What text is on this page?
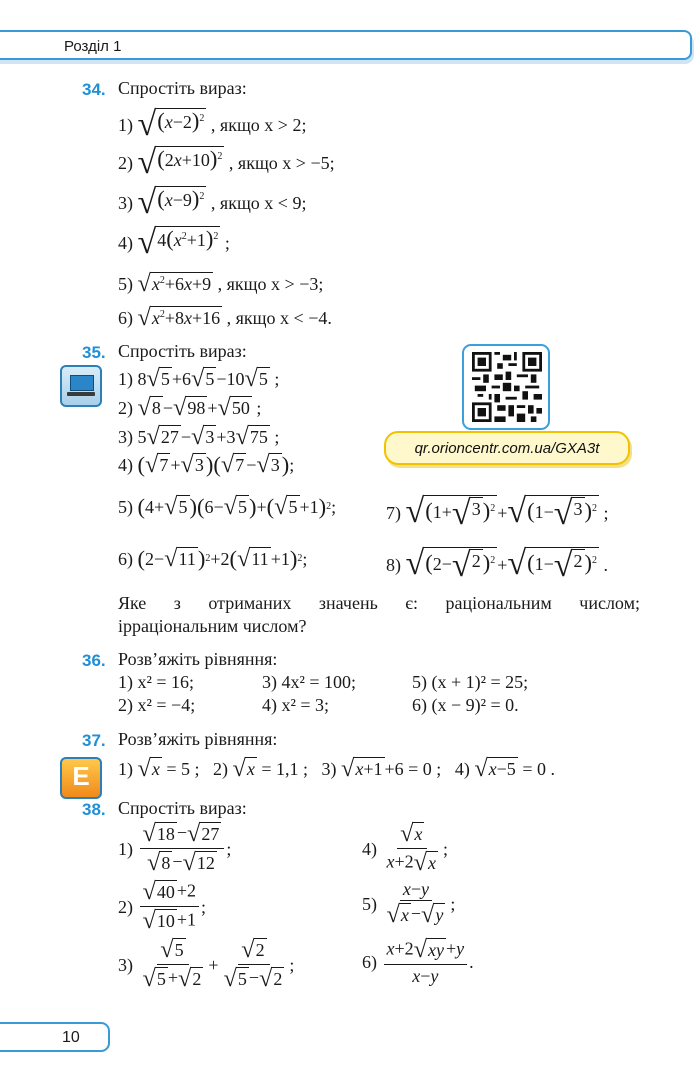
Розділ 1
34. Спростіть вираз:
1)
√ $(x-2)^2$
, якщо x > 2;
2)
√ $(2x+10)^2$
, якщо x > −5;
3)
√ $(x-9)^2$
, якщо x < 9;
4)
√ $4(x^2+1)^2$
;
5)
√ $x^2+6x+9$
, якщо x > −3;
6)
√ $x^2+8x+16$
, якщо x < −4.
35. Спростіть вираз:
1) 8 √ 5 +6 √ 5 −10 √ 5 ;
2)
√ 8 − √ 98 + √ 50 ;
3) 5 √ 27 − √ 3 +3 √ 75 ;
4)
( √ 7 + √ 3 )( √ 7 − √ 3 ) ;
qr.orioncentr.com.ua/GXA3t
5)
( 4+ √ 5 )( 6− √ 5 ) + ( √ 5 +1 ) 2 ;	7)
√ (1+ √ 3 )$^2$ + √ (1− √ 3 )$^2$ ;
6)
( 2− √ 11 ) 2 +2 ( √ 11 +1 ) 2 ;	8)
√ (2− √ 2 )$^2$ + √ (1− √ 2 )$^2$ .
Яке з отриманих значень є: раціональним числом;
ірраціональним числом?
36. Розв’яжіть рівняння:
1) x² = 16;	3) 4x² = 100;	5) (x + 1)² = 25;
2) x² = −4;	4) x² = 3;	6) (x − 9)² = 0.
37. Розв’яжіть рівняння:
E	1)
√ x = 5 ; 2)
√ x = 1,1 ; 3)
√ x+1 +6 = 0 ; 4)
√ x−5 = 0 .
38. Спростіть вираз:
1)
$\frac{√ 18 - √ 27}{√ 8 - √ 12}$ ;	4)
$\frac{√ x}{x+2 √ x}$ ;
2)
$\frac{√ 40 +2}{√ 10 +1}$ ;	5)
$\frac{x-y}{√ x - √ y}$ ;
3)
$\frac{√ 5}{√ 5 + √ 2} + \frac{√ 2}{√ 5 - √ 2}$ ;	6)
$\frac{x+2 √ xy +y}{x-y}$ .
10
